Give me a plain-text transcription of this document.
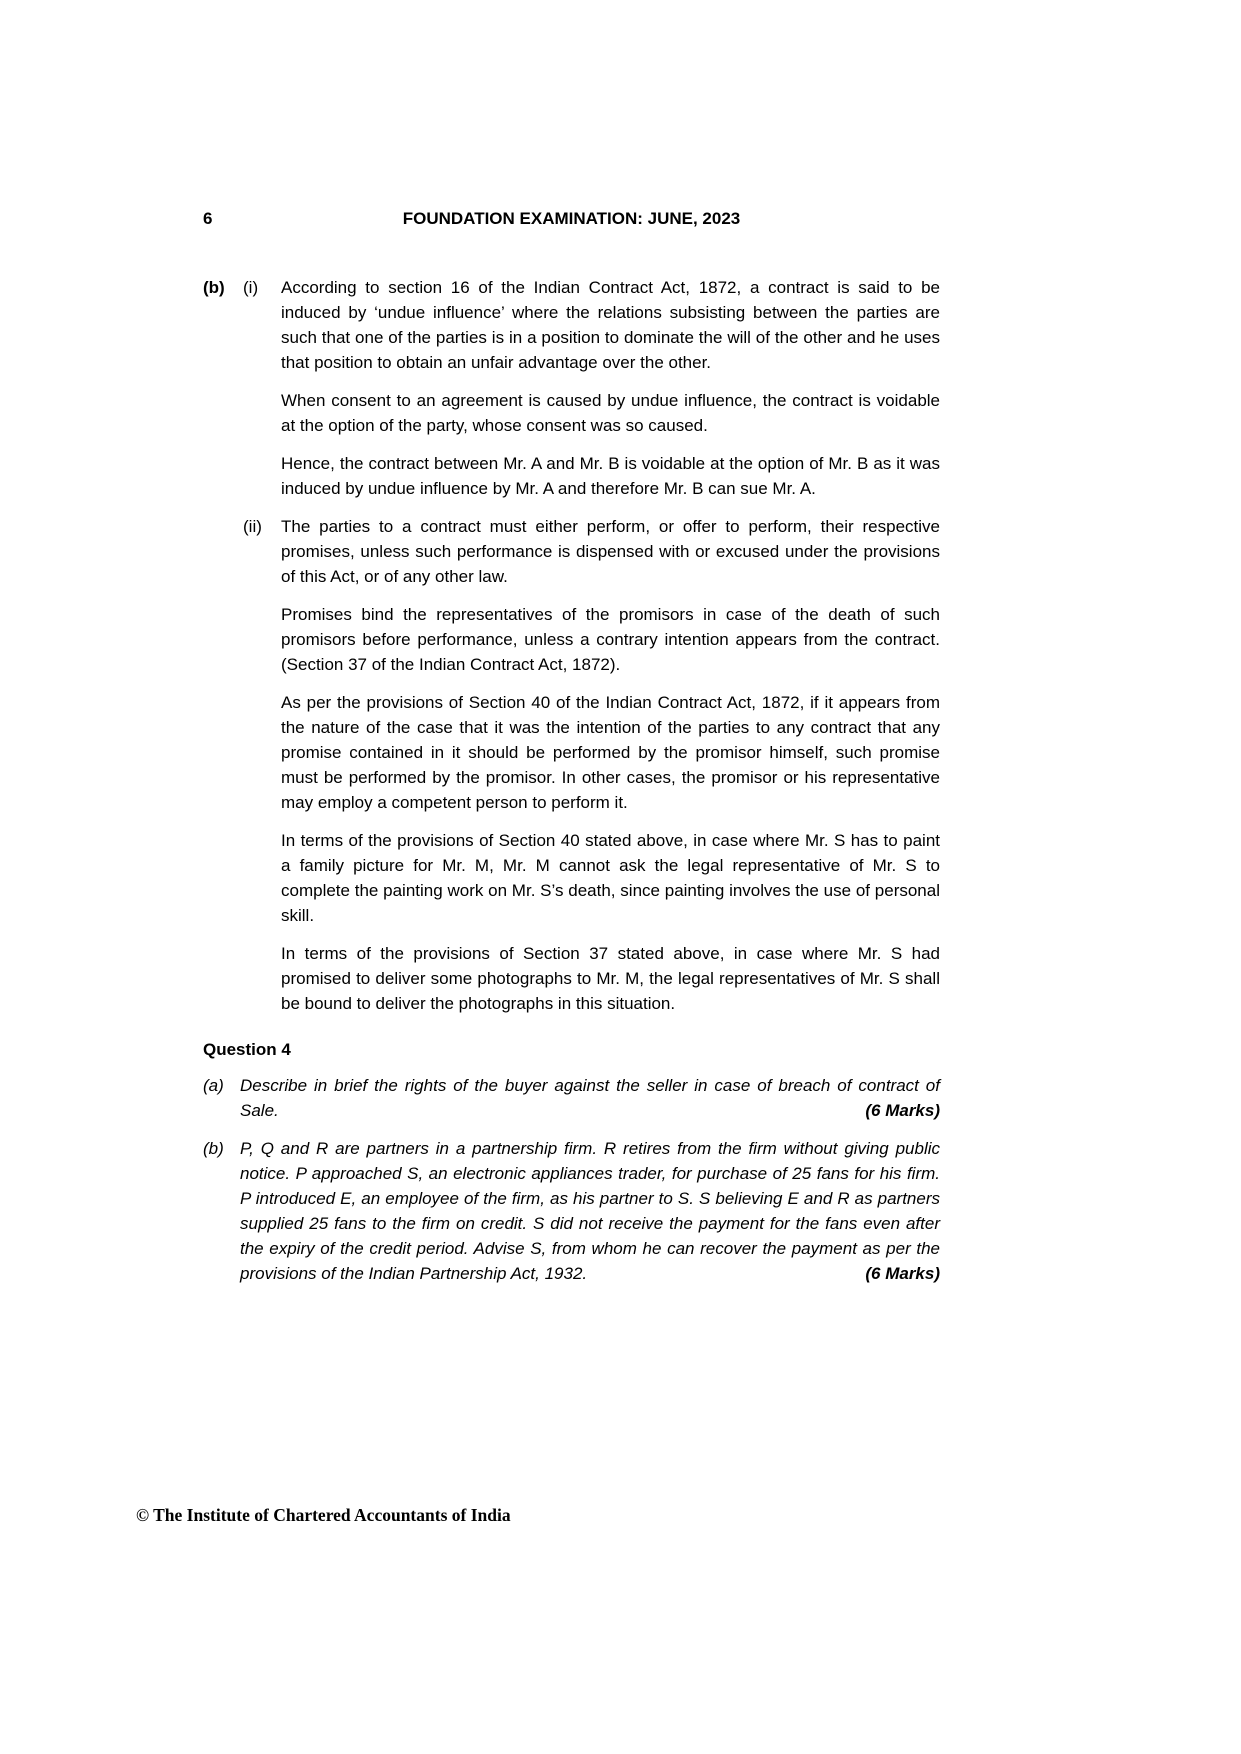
6	FOUNDATION EXAMINATION: JUNE, 2023
(b)	(i)	According to section 16 of the Indian Contract Act, 1872, a contract is said to be induced by ‘undue influence’ where the relations subsisting between the parties are such that one of the parties is in a position to dominate the will of the other and he uses that position to obtain an unfair advantage over the other.

When consent to an agreement is caused by undue influence, the contract is voidable at the option of the party, whose consent was so caused.

Hence, the contract between Mr. A and Mr. B is voidable at the option of Mr. B as it was induced by undue influence by Mr. A and therefore Mr. B can sue Mr. A.

(ii)	The parties to a contract must either perform, or offer to perform, their respective promises, unless such performance is dispensed with or excused under the provisions of this Act, or of any other law.

Promises bind the representatives of the promisors in case of the death of such promisors before performance, unless a contrary intention appears from the contract. (Section 37 of the Indian Contract Act, 1872).

As per the provisions of Section 40 of the Indian Contract Act, 1872, if it appears from the nature of the case that it was the intention of the parties to any contract that any promise contained in it should be performed by the promisor himself, such promise must be performed by the promisor. In other cases, the promisor or his representative may employ a competent person to perform it.

In terms of the provisions of Section 40 stated above, in case where Mr. S has to paint a family picture for Mr. M, Mr. M cannot ask the legal representative of Mr. S to complete the painting work on Mr. S’s death, since painting involves the use of personal skill.

In terms of the provisions of Section 37 stated above, in case where Mr. S had promised to deliver some photographs to Mr. M, the legal representatives of Mr. S shall be bound to deliver the photographs in this situation.

Question 4
(a) Describe in brief the rights of the buyer against the seller in case of breach of contract of Sale.	(6 Marks)
(b) P, Q and R are partners in a partnership firm. R retires from the firm without giving public notice. P approached S, an electronic appliances trader, for purchase of 25 fans for his firm. P introduced E, an employee of the firm, as his partner to S. S believing E and R as partners supplied 25 fans to the firm on credit. S did not receive the payment for the fans even after the expiry of the credit period. Advise S, from whom he can recover the payment as per the provisions of the Indian Partnership Act, 1932.	(6 Marks)
© The Institute of Chartered Accountants of India
